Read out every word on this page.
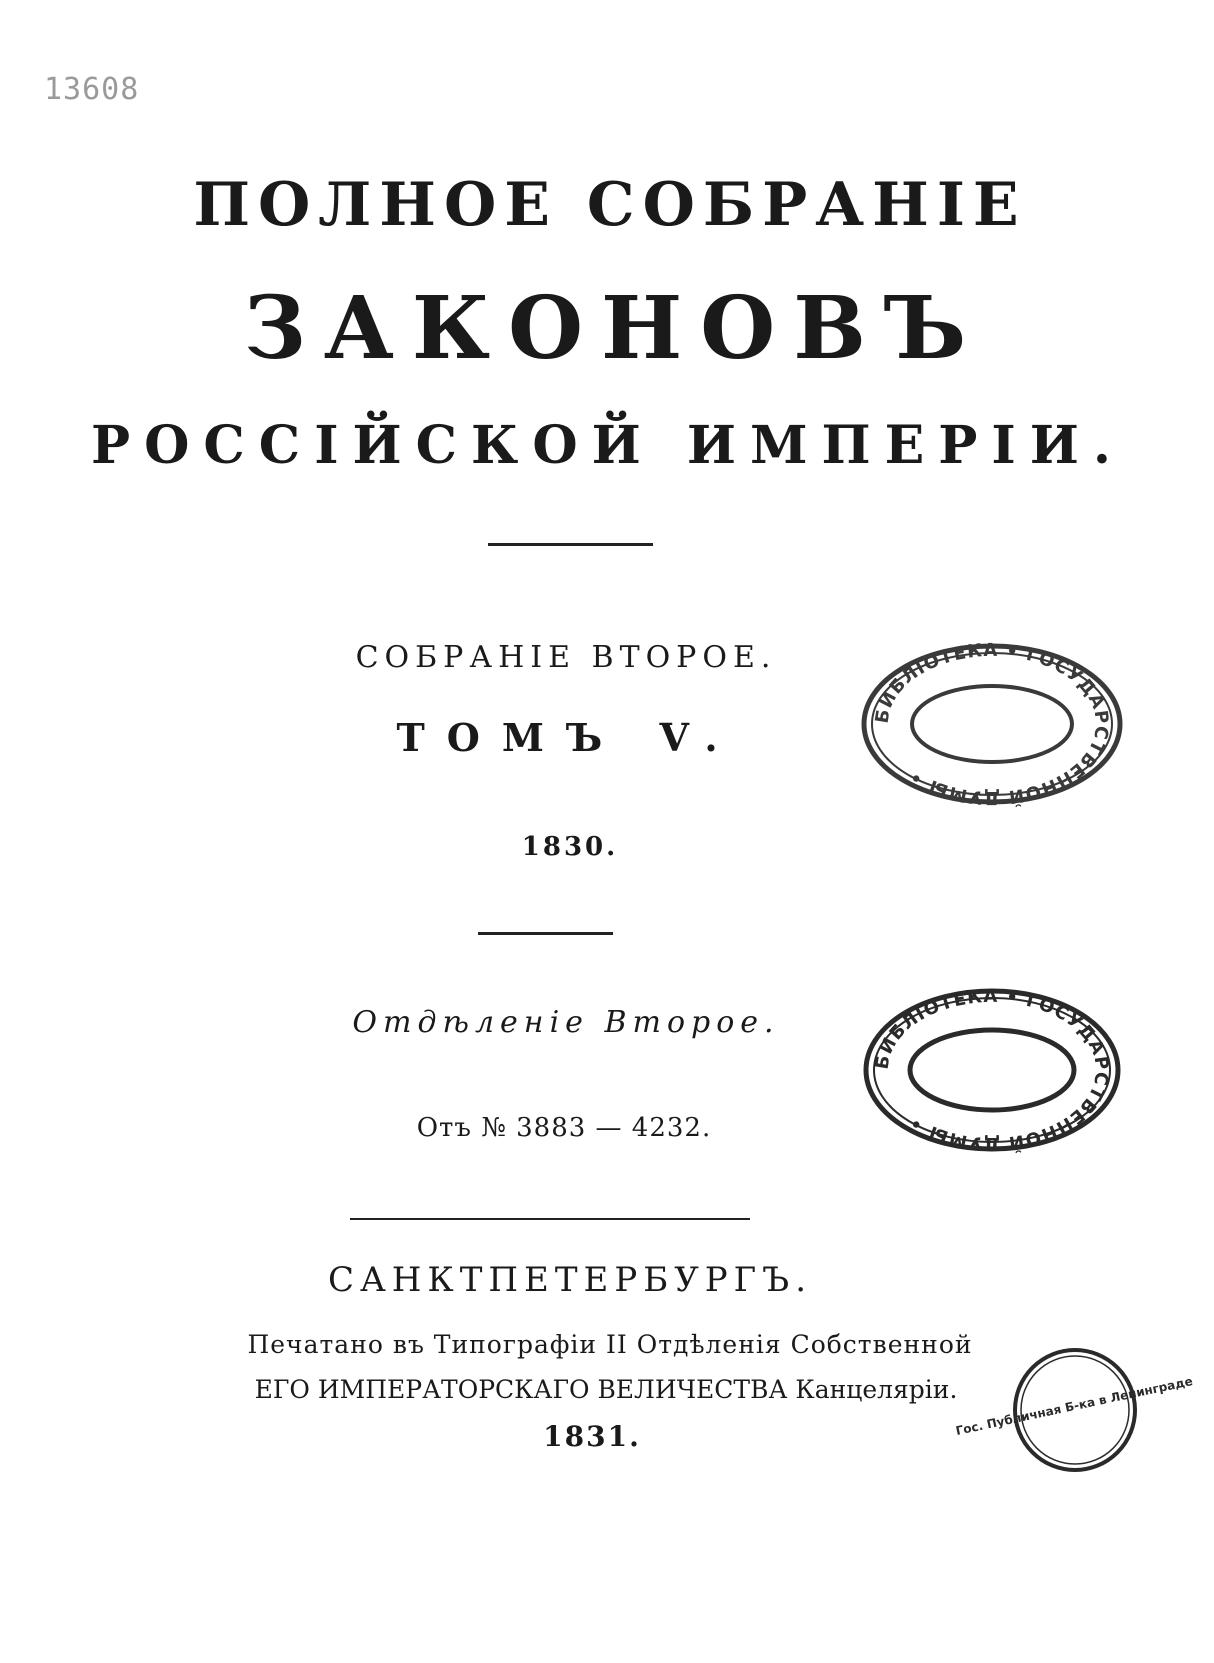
13608
ПОЛНОЕ СОБРАНІЕ
ЗАКОНОВЪ
РОССІЙСКОЙ ИМПЕРІИ.
СОБРАНІЕ ВТОРОЕ.
ТОМЪ V.
1830.
Отдѣленіе Второе.
Отъ № 3883 — 4232.
САНКТПЕТЕРБУРГЪ.
Печатано въ Типографіи II Отдѣленія Собственной
ЕГО ИМПЕРАТОРСКАГО ВЕЛИЧЕСТВА Канцеляріи.
1831.
БИБЛІОТЕКА • ГОСУДАРСТВЕННОЙ ДУМЫ •
БИБЛІОТЕКА • ГОСУДАРСТВЕННОЙ ДУМЫ •
Гос. Публичная Б-ка в Ленинграде
